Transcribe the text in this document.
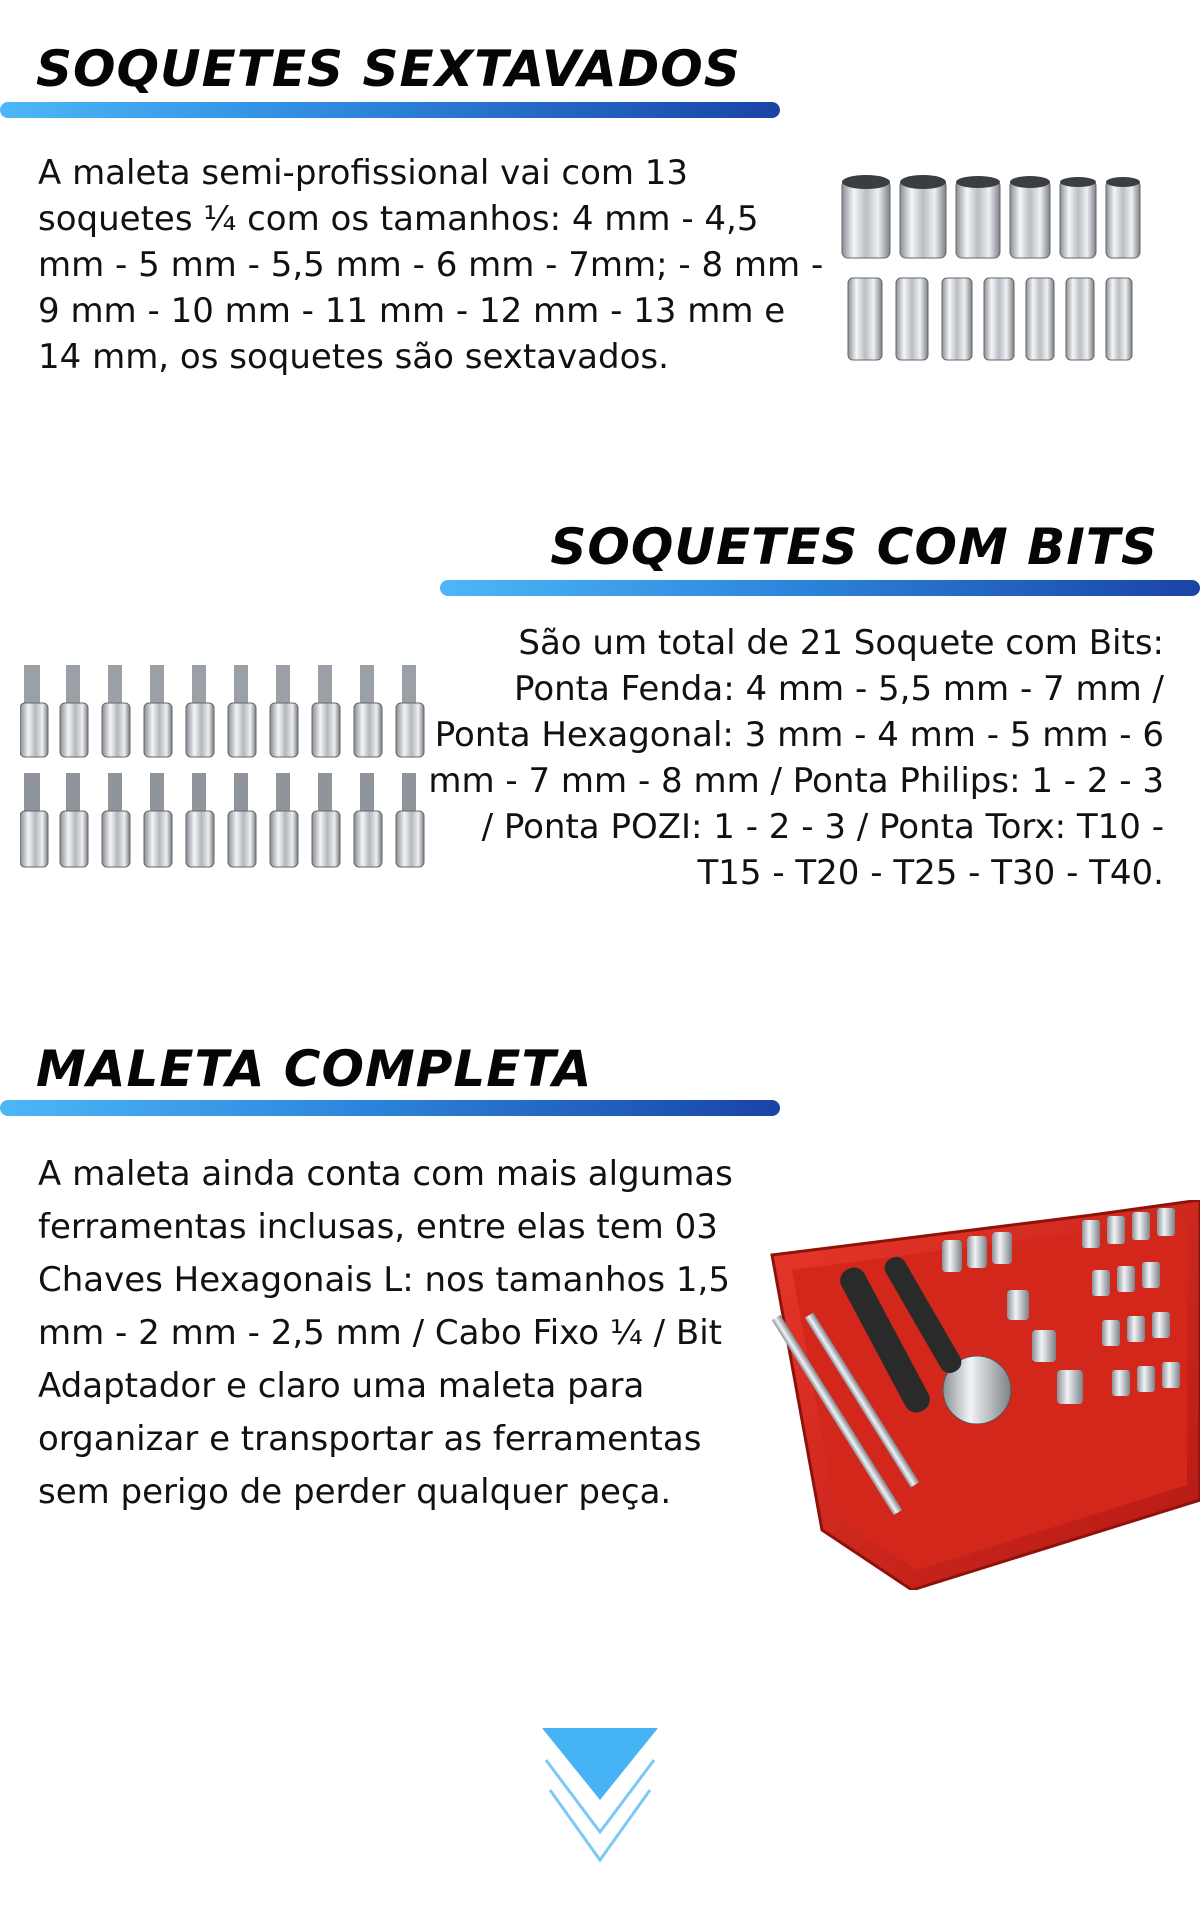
SOQUETES SEXTAVADOS

A maleta semi-profissional vai com 13 soquetes ¼ com os tamanhos: 4 mm - 4,5 mm - 5 mm - 5,5 mm - 6 mm - 7mm; - 8 mm - 9 mm - 10 mm - 11 mm - 12 mm - 13 mm e 14 mm, os soquetes são sextavados.

SOQUETES COM BITS

São um total de 21 Soquete com Bits: Ponta Fenda: 4 mm - 5,5 mm - 7 mm / Ponta Hexagonal: 3 mm - 4 mm - 5 mm - 6 mm - 7 mm - 8 mm / Ponta Philips: 1 - 2 - 3 / Ponta POZI: 1 - 2 - 3 / Ponta Torx: T10 - T15 - T20 - T25 - T30 - T40.

MALETA COMPLETA

A maleta ainda conta com mais algumas ferramentas inclusas, entre elas tem 03 Chaves Hexagonais L: nos tamanhos 1,5 mm - 2 mm - 2,5 mm / Cabo Fixo ¼ / Bit Adaptador e claro uma maleta para organizar e transportar as ferramentas sem perigo de perder qualquer peça.
